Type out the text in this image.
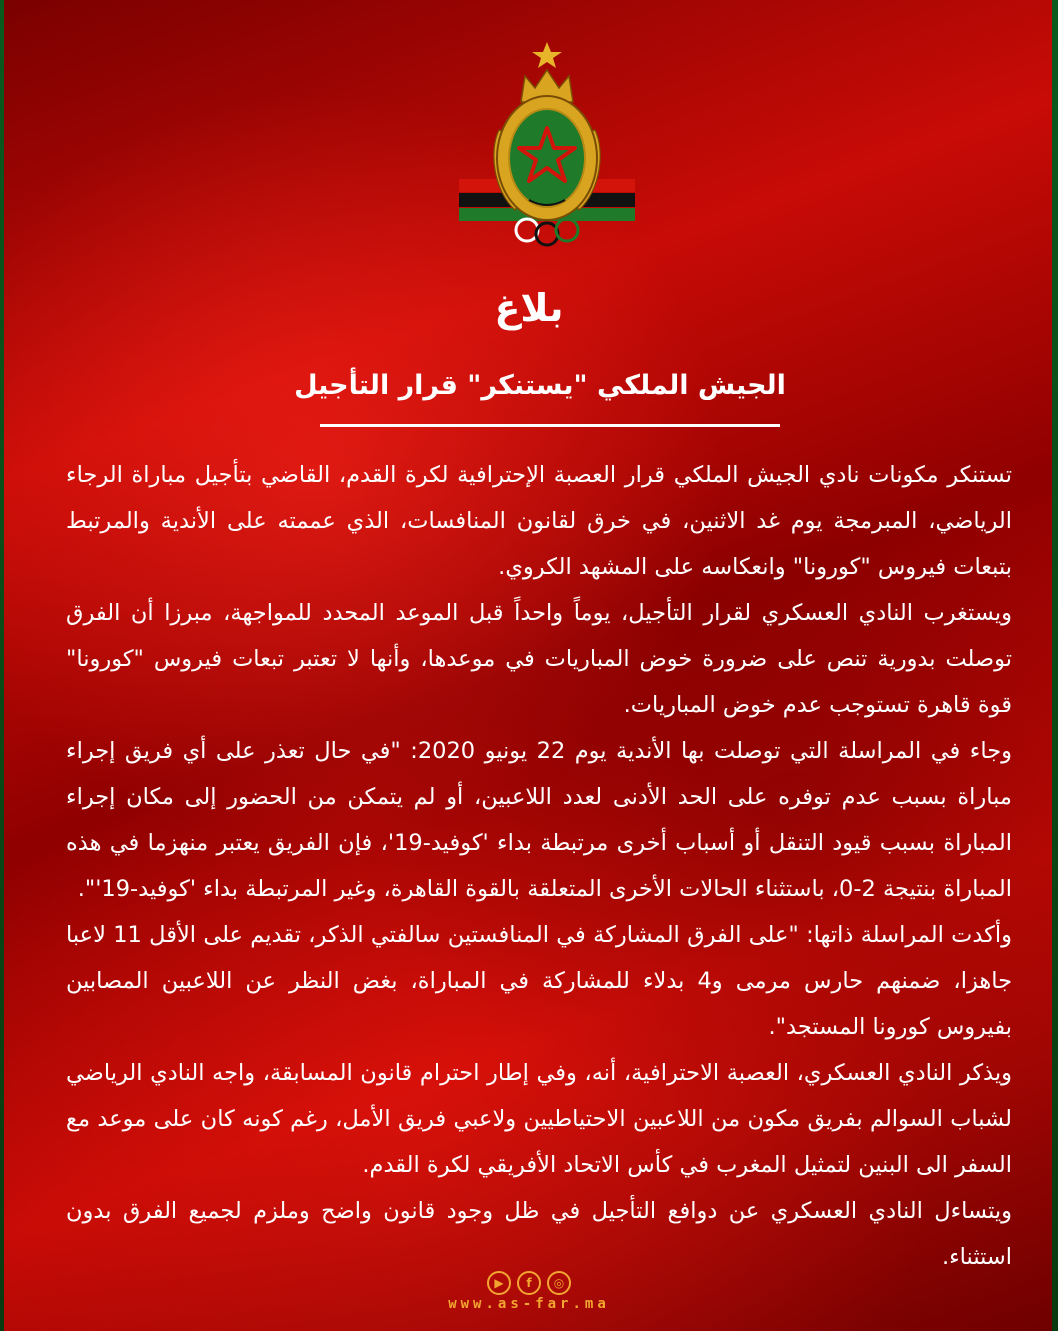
بلاغ
الجيش الملكي "يستنكر" قرار التأجيل

تستنكر مكونات نادي الجيش الملكي قرار العصبة الإحترافية لكرة القدم، القاضي بتأجيل مباراة الرجاء الرياضي، المبرمجة يوم غد الاثنين، في خرق لقانون المنافسات، الذي عممته على الأندية والمرتبط بتبعات فيروس "كورونا" وانعكاسه على المشهد الكروي.

ويستغرب النادي العسكري لقرار التأجيل، يوماً واحداً قبل الموعد المحدد للمواجهة، مبرزا أن الفرق توصلت بدورية تنص على ضرورة خوض المباريات في موعدها، وأنها لا تعتبر تبعات فيروس "كورونا" قوة قاهرة تستوجب عدم خوض المباريات.

وجاء في المراسلة التي توصلت بها الأندية يوم 22 يونيو 2020: "في حال تعذر على أي فريق إجراء مباراة بسبب عدم توفره على الحد الأدنى لعدد اللاعبين، أو لم يتمكن من الحضور إلى مكان إجراء المباراة بسبب قيود التنقل أو أسباب أخرى مرتبطة بداء 'كوفيد-19'، فإن الفريق يعتبر منهزما في هذه المباراة بنتيجة 2-0، باستثناء الحالات الأخرى المتعلقة بالقوة القاهرة، وغير المرتبطة بداء 'كوفيد-19'".

وأكدت المراسلة ذاتها: "على الفرق المشاركة في المنافستين سالفتي الذكر، تقديم على الأقل 11 لاعبا جاهزا، ضمنهم حارس مرمى و4 بدلاء للمشاركة في المباراة، بغض النظر عن اللاعبين المصابين بفيروس كورونا المستجد".

ويذكر النادي العسكري، العصبة الاحترافية، أنه، وفي إطار احترام قانون المسابقة، واجه النادي الرياضي لشباب السوالم بفريق مكون من اللاعبين الاحتياطيين ولاعبي فريق الأمل، رغم كونه كان على موعد مع السفر الى البنين لتمثيل المغرب في كأس الاتحاد الأفريقي لكرة القدم.

ويتساءل النادي العسكري عن دوافع التأجيل في ظل وجود قانون واضح وملزم لجميع الفرق بدون استثناء.

▶	f	◎
www.as-far.ma
